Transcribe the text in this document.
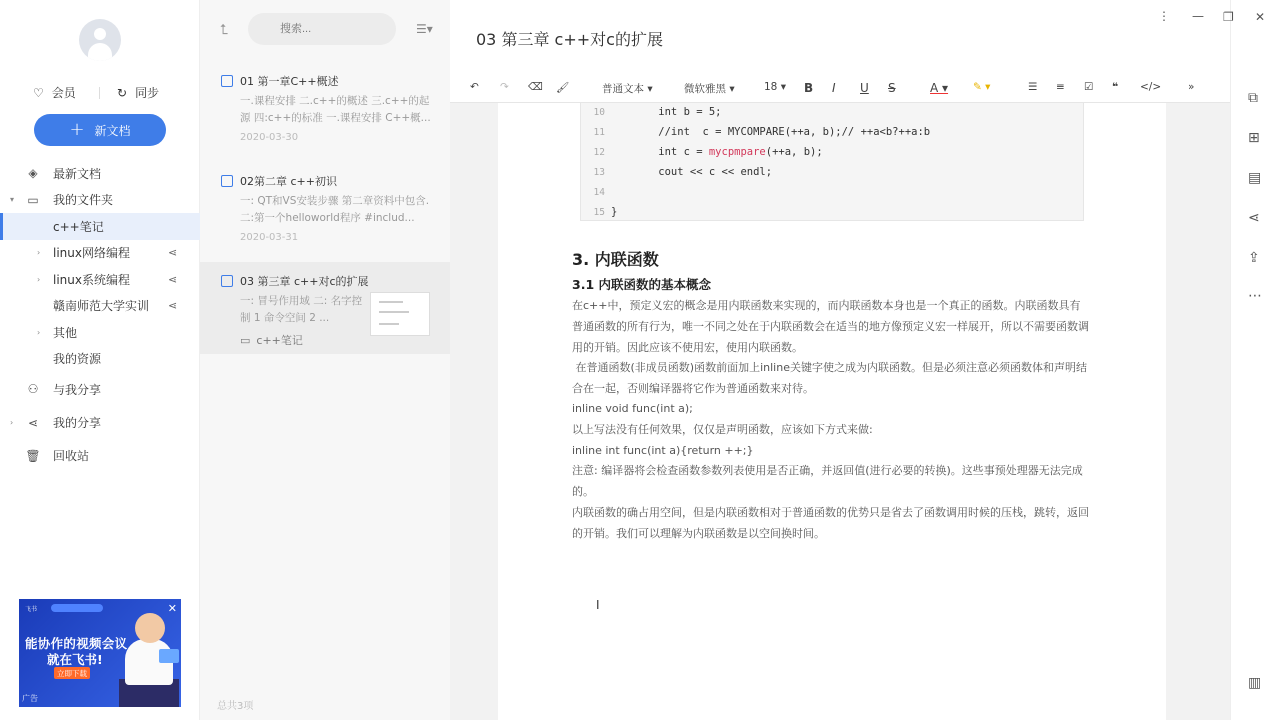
♡ 会员	↻ 同步
+ 新文档
◈ 最新文档
▾ ▭ 我的文件夹
c++笔记
› linux网络编程	⋖
› linux系统编程	⋖
赣南师范大学实训 ⋖
› 其他
我的资源
⚇ 与我分享
› ⋖ 我的分享
🗑 回收站
飞书
能协作的视频会议
就在飞书!
立即下载
广告
✕
⮤
搜索...	☰▾
01 第一章C++概述
一.课程安排 二.c++的概述 三.c++的起源 四:c++的标准 一.课程安排 C++概...
2020-03-30
02第二章 c++初识
一: QT和VS安装步骤 第二章资料中包含. 二:第一个helloworld程序 #includ...
2020-03-31
03 第三章 c++对c的扩展
一: 冒号作用域 二: 名字控制 1 命令空间 2 ...
▭ c++笔记
总共3项
03 第三章 c++对c的扩展
⋮ —
↶ ↷ ⌫ 🖌	普通文本 ▾	微软雅黑 ▾	18 ▾ B I U S	A ▾ ✎ ▾	☰ ≡ ☑ ❝ </>	»
10	int b = 5;
11	//int  c = MYCOMPARE(++a, b);// ++a<b?++a:b
12	int c = mycpmpare(++a, b);
13	cout << c << endl;
14
15 }
3. 内联函数
3.1 内联函数的基本概念
在c++中，预定义宏的概念是用内联函数来实现的，而内联函数本身也是一个真正的函数。内联函数具有普通函数的所有行为，唯一不同之处在于内联函数会在适当的地方像预定义宏一样展开，所以不需要函数调用的开销。因此应该不使用宏，使用内联函数。
在普通函数(非成员函数)函数前面加上inline关键字使之成为内联函数。但是必须注意必须函数体和声明结合在一起，否则编译器将它作为普通函数来对待。
inline void func(int a);
以上写法没有任何效果，仅仅是声明函数，应该如下方式来做:
inline int func(int a){return ++;}
注意: 编译器将会检查函数参数列表使用是否正确，并返回值(进行必要的转换)。这些事预处理器无法完成的。
内联函数的确占用空间，但是内联函数相对于普通函数的优势只是省去了函数调用时候的压栈，跳转，返回的开销。我们可以理解为内联函数是以空间换时间。
I
❐ ✕
⧉
⊞
▤
⋖
⇪
⋯
▥
